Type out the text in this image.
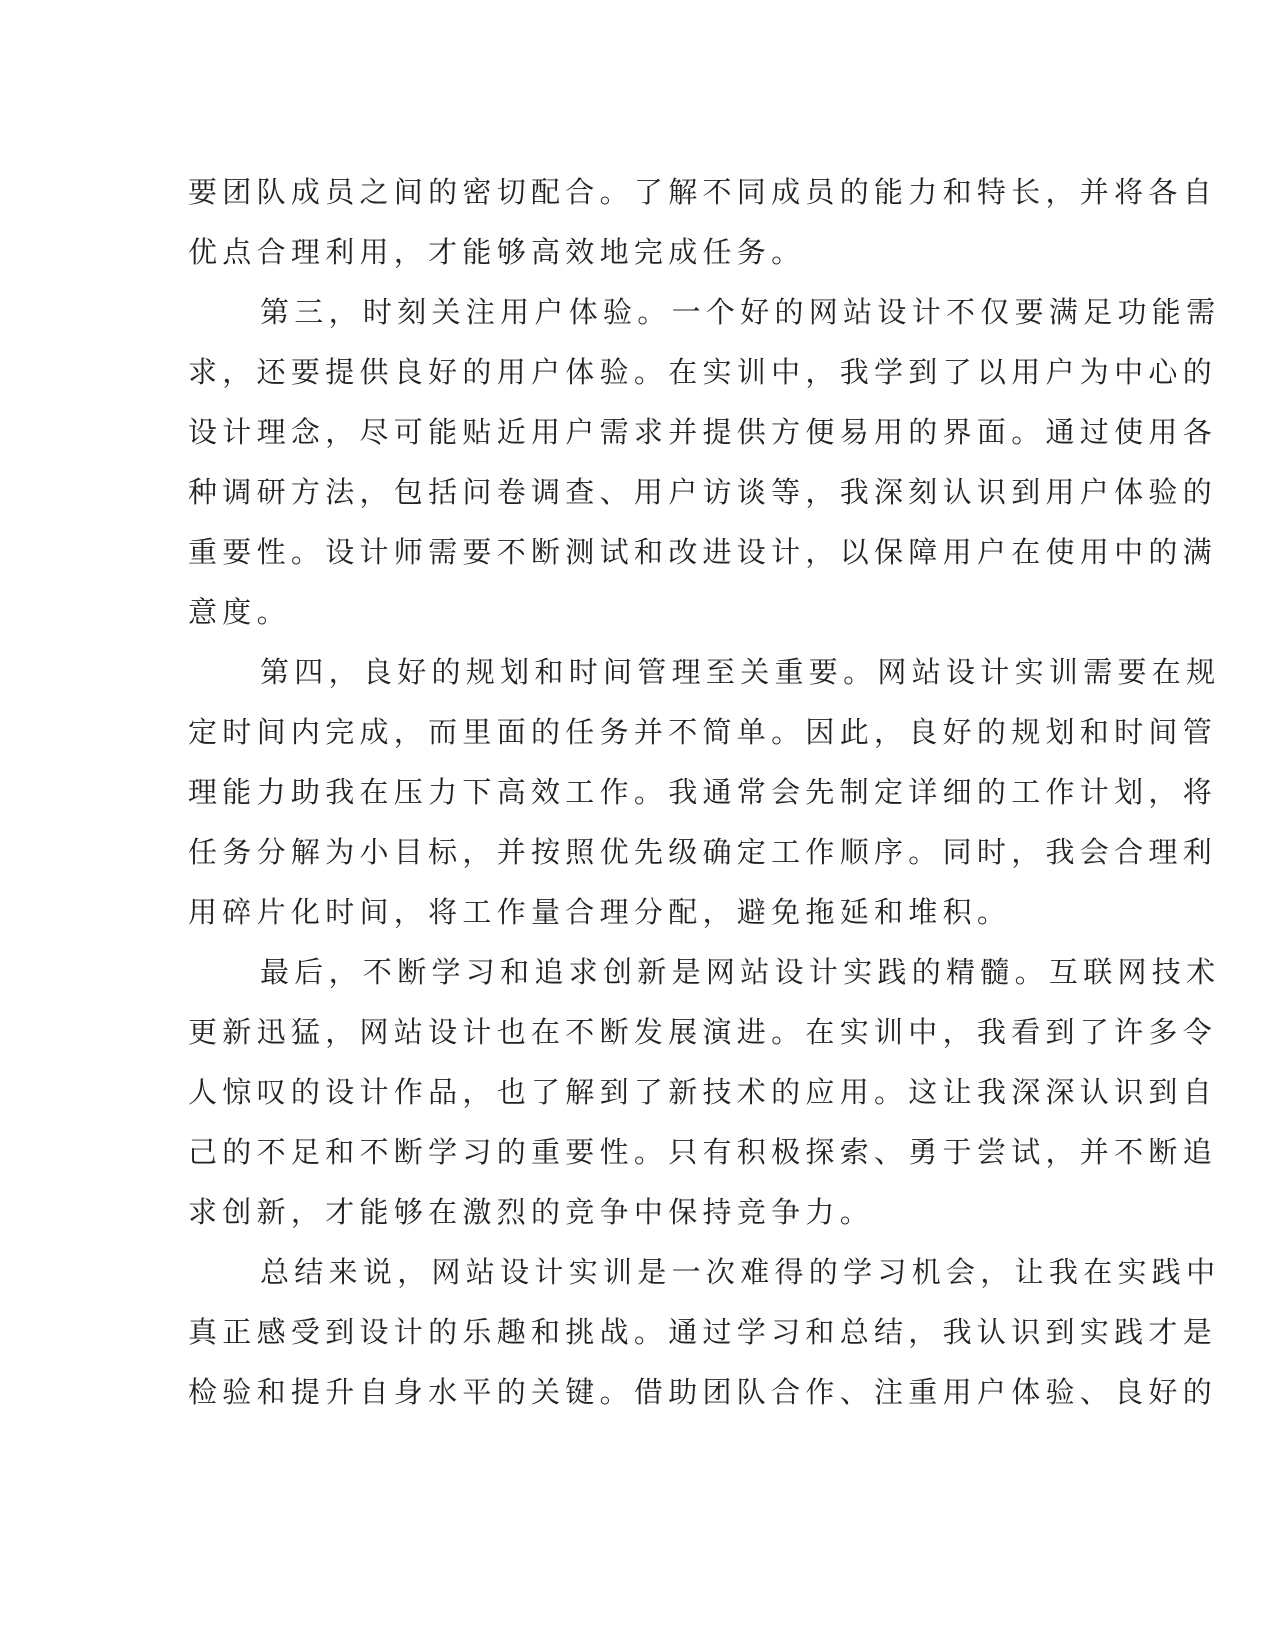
要团队成员之间的密切配合。了解不同成员的能力和特长，并将各自
优点合理利用，才能够高效地完成任务。
第三，时刻关注用户体验。一个好的网站设计不仅要满足功能需
求，还要提供良好的用户体验。在实训中，我学到了以用户为中心的
设计理念，尽可能贴近用户需求并提供方便易用的界面。通过使用各
种调研方法，包括问卷调查、用户访谈等，我深刻认识到用户体验的
重要性。设计师需要不断测试和改进设计，以保障用户在使用中的满
意度。
第四，良好的规划和时间管理至关重要。网站设计实训需要在规
定时间内完成，而里面的任务并不简单。因此，良好的规划和时间管
理能力助我在压力下高效工作。我通常会先制定详细的工作计划，将
任务分解为小目标，并按照优先级确定工作顺序。同时，我会合理利
用碎片化时间，将工作量合理分配，避免拖延和堆积。
最后，不断学习和追求创新是网站设计实践的精髓。互联网技术
更新迅猛，网站设计也在不断发展演进。在实训中，我看到了许多令
人惊叹的设计作品，也了解到了新技术的应用。这让我深深认识到自
己的不足和不断学习的重要性。只有积极探索、勇于尝试，并不断追
求创新，才能够在激烈的竞争中保持竞争力。
总结来说，网站设计实训是一次难得的学习机会，让我在实践中
真正感受到设计的乐趣和挑战。通过学习和总结，我认识到实践才是
检验和提升自身水平的关键。借助团队合作、注重用户体验、良好的
